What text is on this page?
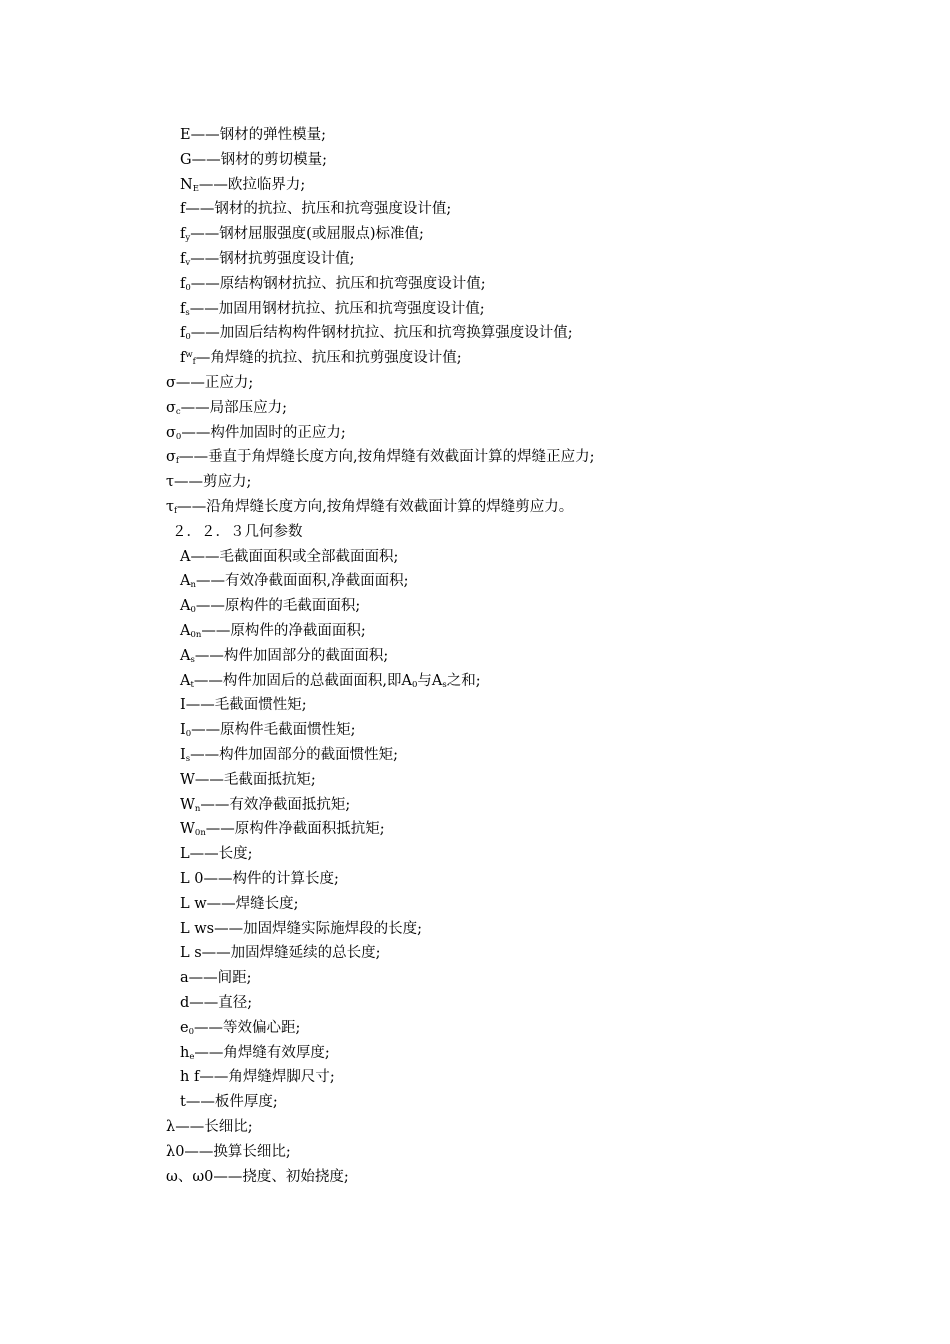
E——钢材的弹性模量;
G——钢材的剪切模量;
$N_E——$欧拉临界力;
f——钢材的抗拉、抗压和抗弯强度设计值;
$f_y——$钢材屈服强度(或屈服点)标准值;
$f_v——$钢材抗剪强度设计值;
$f_0——$原结构钢材抗拉、抗压和抗弯强度设计值;
$f_s——$加固用钢材抗拉、抗压和抗弯强度设计值;
$f_0——$加固后结构构件钢材抗拉、抗压和抗弯换算强度设计值;
$f^w_f—$角焊缝的抗拉、抗压和抗剪强度设计值;
σ——正应力;
$\sigma_c——$局部压应力;
$\sigma_0——$构件加固时的正应力;
$\sigma_f——$垂直于角焊缝长度方向,按角焊缝有效截面计算的焊缝正应力;
τ——剪应力;
$\tau_f——$沿角焊缝长度方向,按角焊缝有效截面计算的焊缝剪应力。
２．２．３几何参数
A——毛截面面积或全部截面面积;
$A_n——$有效净截面面积,净截面面积;
$A_0——$原构件的毛截面面积;
$A_{0n}——$原构件的净截面面积;
$A_s——$构件加固部分的截面面积;
$A_t——$构件加固后的总截面面积,即$A_0$与$A_s$之和;
I——毛截面惯性矩;
$I_0——$原构件毛截面惯性矩;
$I_s——$构件加固部分的截面惯性矩;
W——毛截面抵抗矩;
$W_n——$有效净截面抵抗矩;
$W_{0n}——$原构件净截面积抵抗矩;
L——长度;
L 0——构件的计算长度;
L w——焊缝长度;
L ws——加固焊缝实际施焊段的长度;
L s——加固焊缝延续的总长度;
a——间距;
d——直径;
$e_0——$等效偏心距;
$h_e——$角焊缝有效厚度;
h f——角焊缝焊脚尺寸;
t——板件厚度;
λ——长细比;
λ0——换算长细比;
ω、ω0——挠度、初始挠度;
